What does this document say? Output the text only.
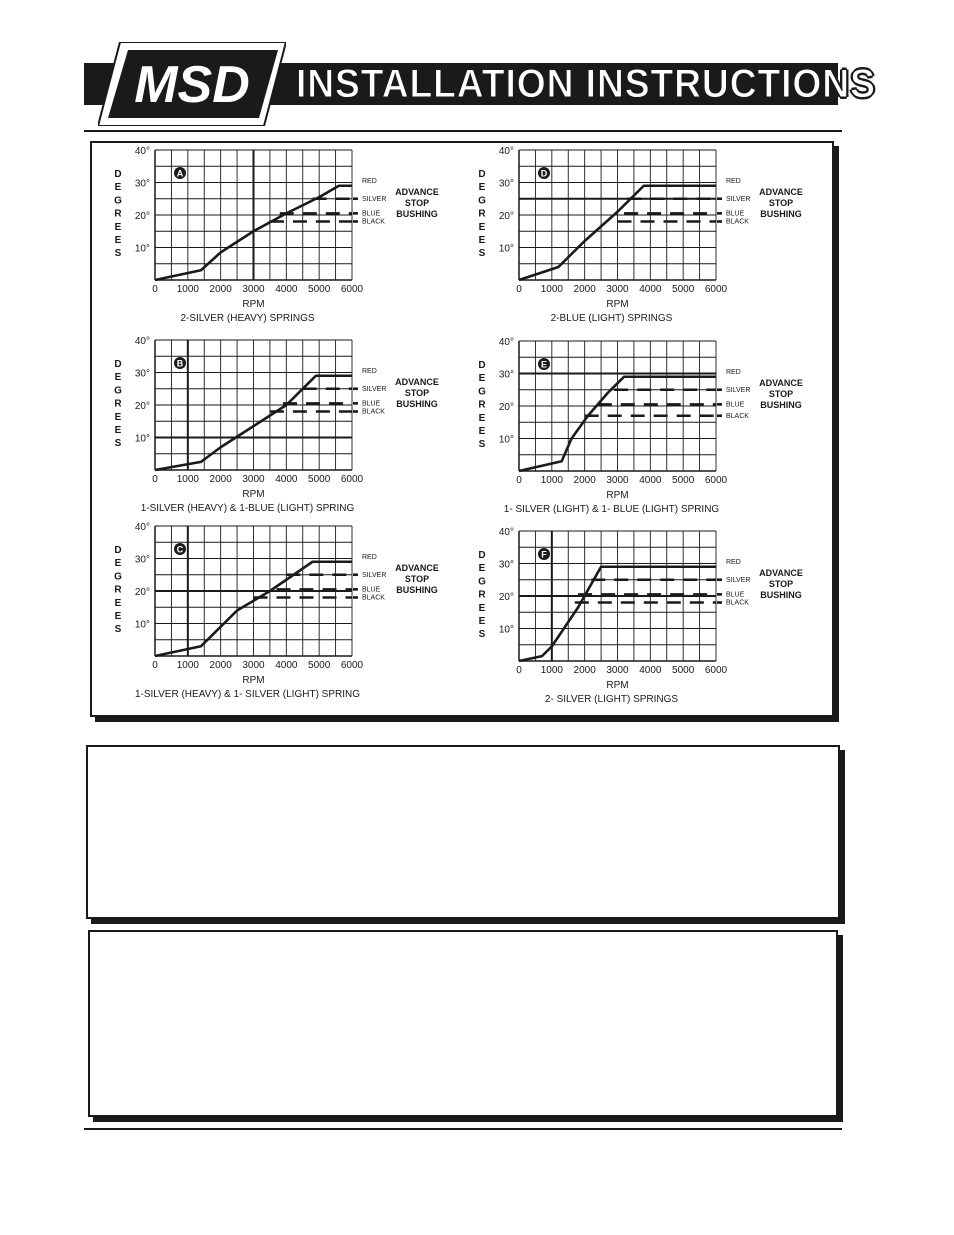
MSD INSTALLATION INSTRUCTIONS
A
10°
20°
30°
40°
0 1000 2000 3000 4000 5000 6000
RPM
2-SILVER (HEAVY) SPRINGS
D
E
G
R
E
E
S
RED
SILVER
BLUE
BLACK
ADVANCE
STOP
BUSHING
B
10°
20°
30°
40°
0 1000 2000 3000 4000 5000 6000
RPM
1-SILVER (HEAVY) & 1-BLUE (LIGHT) SPRING
D
E
G
R
E
E
S
RED
SILVER
BLUE
BLACK
ADVANCE
STOP
BUSHING
C
10°
20°
30°
40°
0 1000 2000 3000 4000 5000 6000
RPM
1-SILVER (HEAVY) & 1- SILVER (LIGHT) SPRING
D
E
G
R
E
E
S
RED
SILVER
BLUE
BLACK
ADVANCE
STOP
BUSHING
D
10°
20°
30°
40°
0 1000 2000 3000 4000 5000 6000
RPM
2-BLUE (LIGHT) SPRINGS
D
E
G
R
E
E
S
RED
SILVER
BLUE
BLACK
ADVANCE
STOP
BUSHING
E
10°
20°
30°
40°
0 1000 2000 3000 4000 5000 6000
RPM
1- SILVER (LIGHT) & 1- BLUE (LIGHT) SPRING
D
E
G
R
E
E
S
RED
SILVER
BLUE
BLACK
ADVANCE
STOP
BUSHING
F
10°
20°
30°
40°
0 1000 2000 3000 4000 5000 6000
RPM
2- SILVER (LIGHT) SPRINGS
D
E
G
R
E
E
S
RED
SILVER
BLUE
BLACK
ADVANCE
STOP
BUSHING
